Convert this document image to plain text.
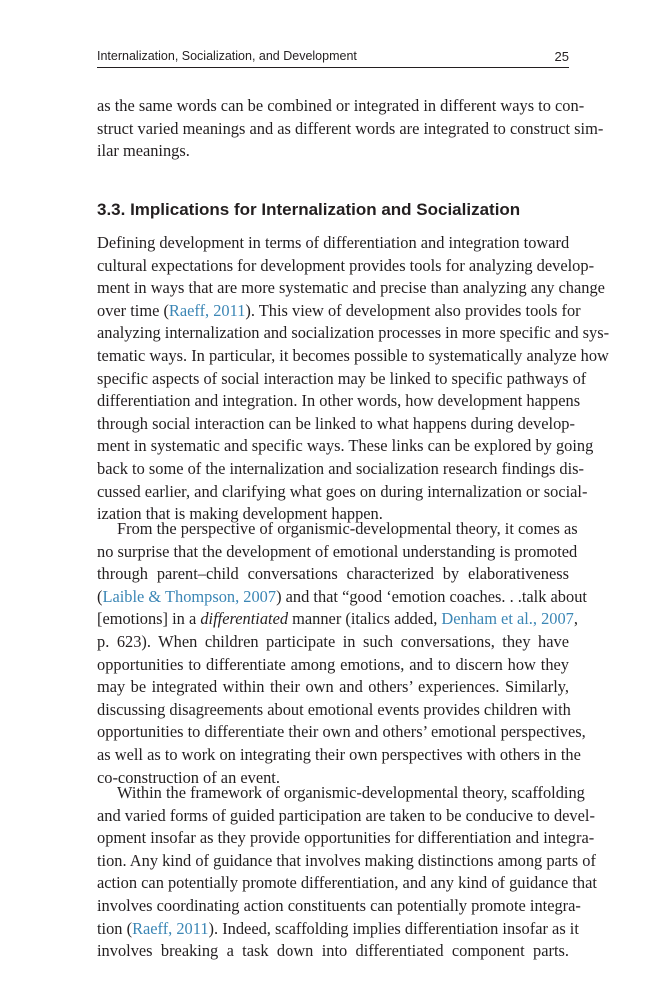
Internalization, Socialization, and Development	25
as the same words can be combined or integrated in different ways to con-
struct varied meanings and as different words are integrated to construct sim-
ilar meanings.
3.3. Implications for Internalization and Socialization
Defining development in terms of differentiation and integration toward
cultural expectations for development provides tools for analyzing develop-
ment in ways that are more systematic and precise than analyzing any change
over time (Raeff, 2011). This view of development also provides tools for
analyzing internalization and socialization processes in more specific and sys-
tematic ways. In particular, it becomes possible to systematically analyze how
specific aspects of social interaction may be linked to specific pathways of
differentiation and integration. In other words, how development happens
through social interaction can be linked to what happens during develop-
ment in systematic and specific ways. These links can be explored by going
back to some of the internalization and socialization research findings dis-
cussed earlier, and clarifying what goes on during internalization or social-
ization that is making development happen.
From the perspective of organismic-developmental theory, it comes as
no surprise that the development of emotional understanding is promoted
through parent–child conversations characterized by elaborativeness
(Laible & Thompson, 2007) and that “good ‘emotion coaches. . .talk about
[emotions] in a differentiated manner (italics added, Denham et al., 2007,
p. 623). When children participate in such conversations, they have
opportunities to differentiate among emotions, and to discern how they
may be integrated within their own and others’ experiences. Similarly,
discussing disagreements about emotional events provides children with
opportunities to differentiate their own and others’ emotional perspectives,
as well as to work on integrating their own perspectives with others in the
co-construction of an event.
Within the framework of organismic-developmental theory, scaffolding
and varied forms of guided participation are taken to be conducive to devel-
opment insofar as they provide opportunities for differentiation and integra-
tion. Any kind of guidance that involves making distinctions among parts of
action can potentially promote differentiation, and any kind of guidance that
involves coordinating action constituents can potentially promote integra-
tion (Raeff, 2011). Indeed, scaffolding implies differentiation insofar as it
involves breaking a task down into differentiated component parts.
